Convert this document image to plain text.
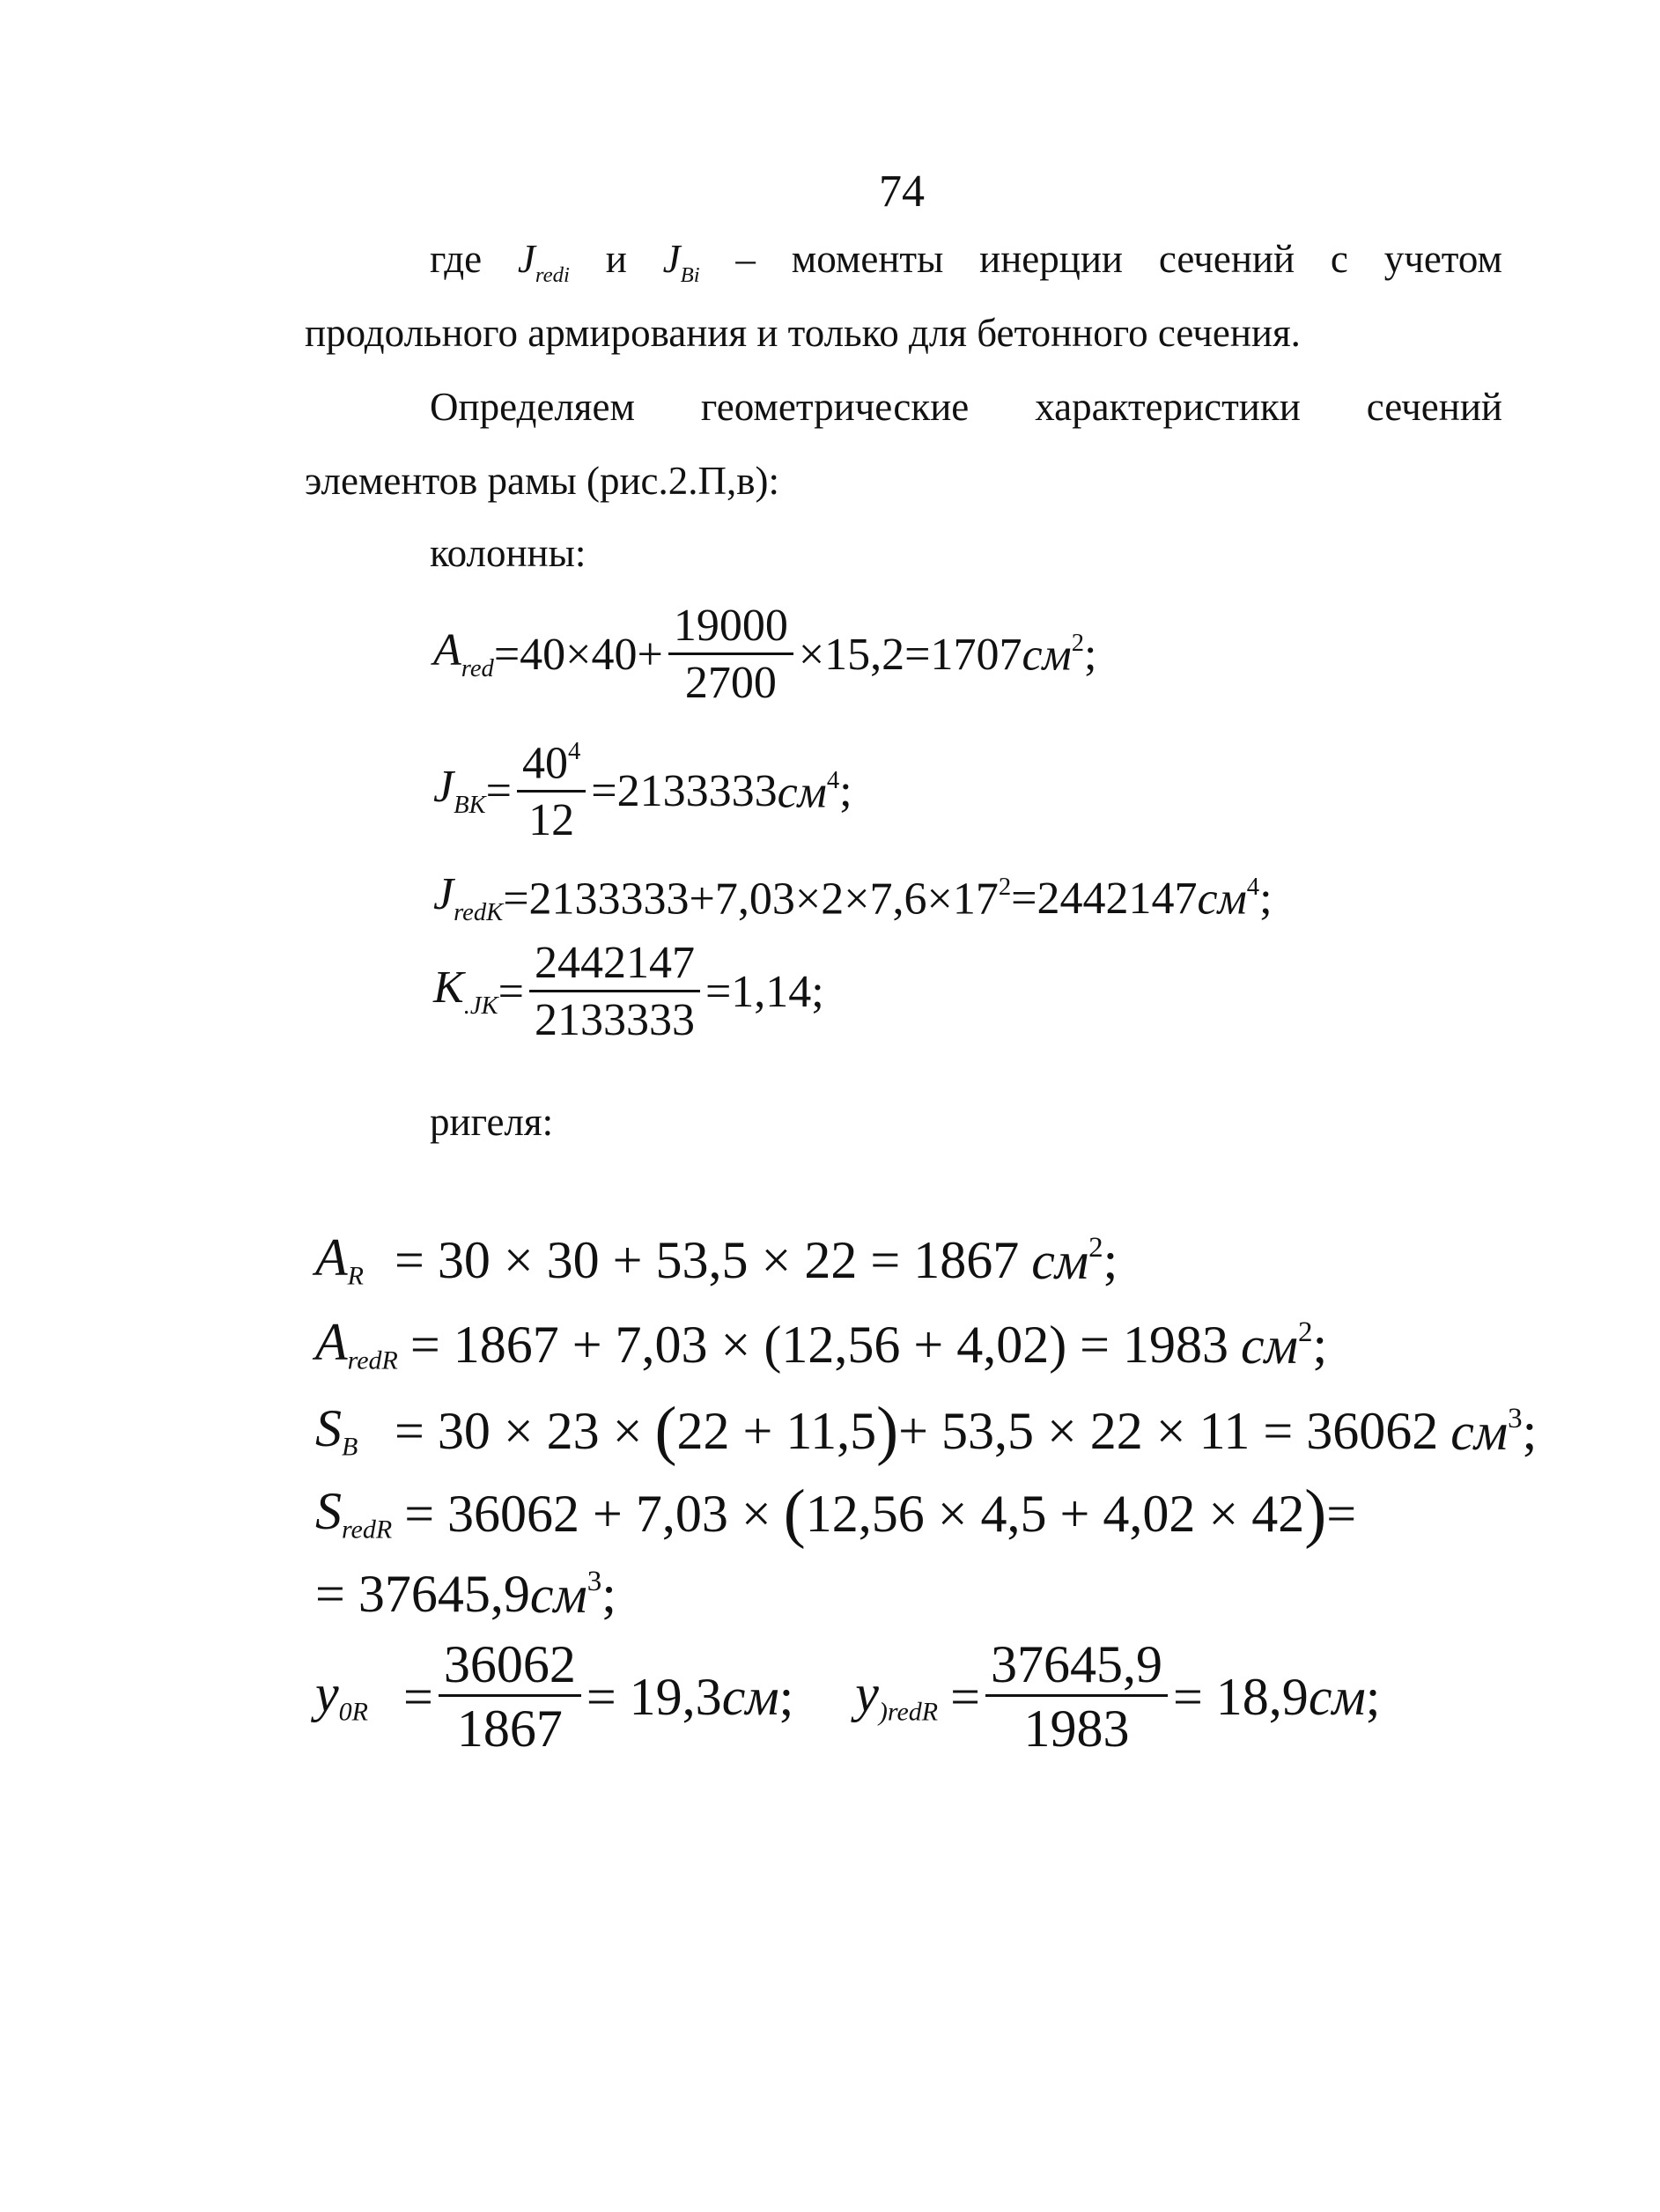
74
где $J_{redi}$ и $J_{Bi}$ – моменты инерции сечений с учетом
продольного армирования и только для бетонного сечения.
Определяем геометрические характеристики сечений
элементов рамы (рис.2.П,в):
колонны:
$A_{red} =40\times 40+ \frac{19000}{2700} \times 15,2=1707$ $см^2$ ;
$J_{BK} = \frac{40^4}{12} =2133333$ $см^4$ ;
$J_{redK} =2133333+7,03\times 2\times 7,6\times 17^2 =2442147$ $см^4$ ;
$K_{.JK} = \frac{2442147}{2133333} =1,14$;
ригеля:
AR = 30 × 30 + 53,5 × 22 = 1867 $см^2$ ;
AredR = 1867 + 7,03 × (12,56 + 4,02) = 1983 $см^2$ ;
SB = 30 × 23 × ( 22 + 11,5 ) + 53,5 × 22 × 11 = 36062 $см^3$ ;
SredR = 36062 + 7,03 × ( 12,56 × 4,5 + 4,02 × 42 ) =
= 37645,9 $см^3$ ;
$y0R = \frac{36062}{1867} = 19,3$ см ; y)redR = $\frac{37645,9}{1983} = 18,9$ см ;
